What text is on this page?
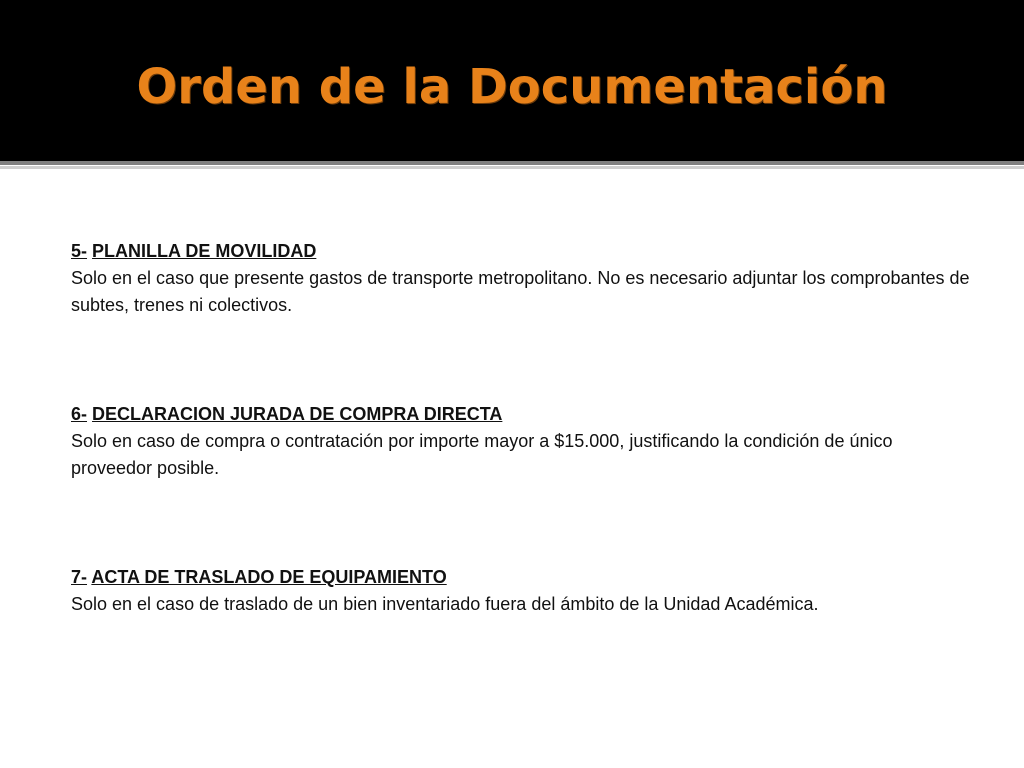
Orden de la Documentación
5- PLANILLA DE MOVILIDAD
Solo en el caso que presente gastos de transporte metropolitano. No es necesario adjuntar los comprobantes de subtes, trenes ni colectivos.
6- DECLARACION JURADA DE COMPRA DIRECTA
Solo en caso de compra o contratación por importe mayor a $15.000, justificando la condición de único proveedor posible.
7- ACTA DE TRASLADO DE EQUIPAMIENTO
Solo en el caso de traslado de un bien inventariado fuera del ámbito de la Unidad Académica.
